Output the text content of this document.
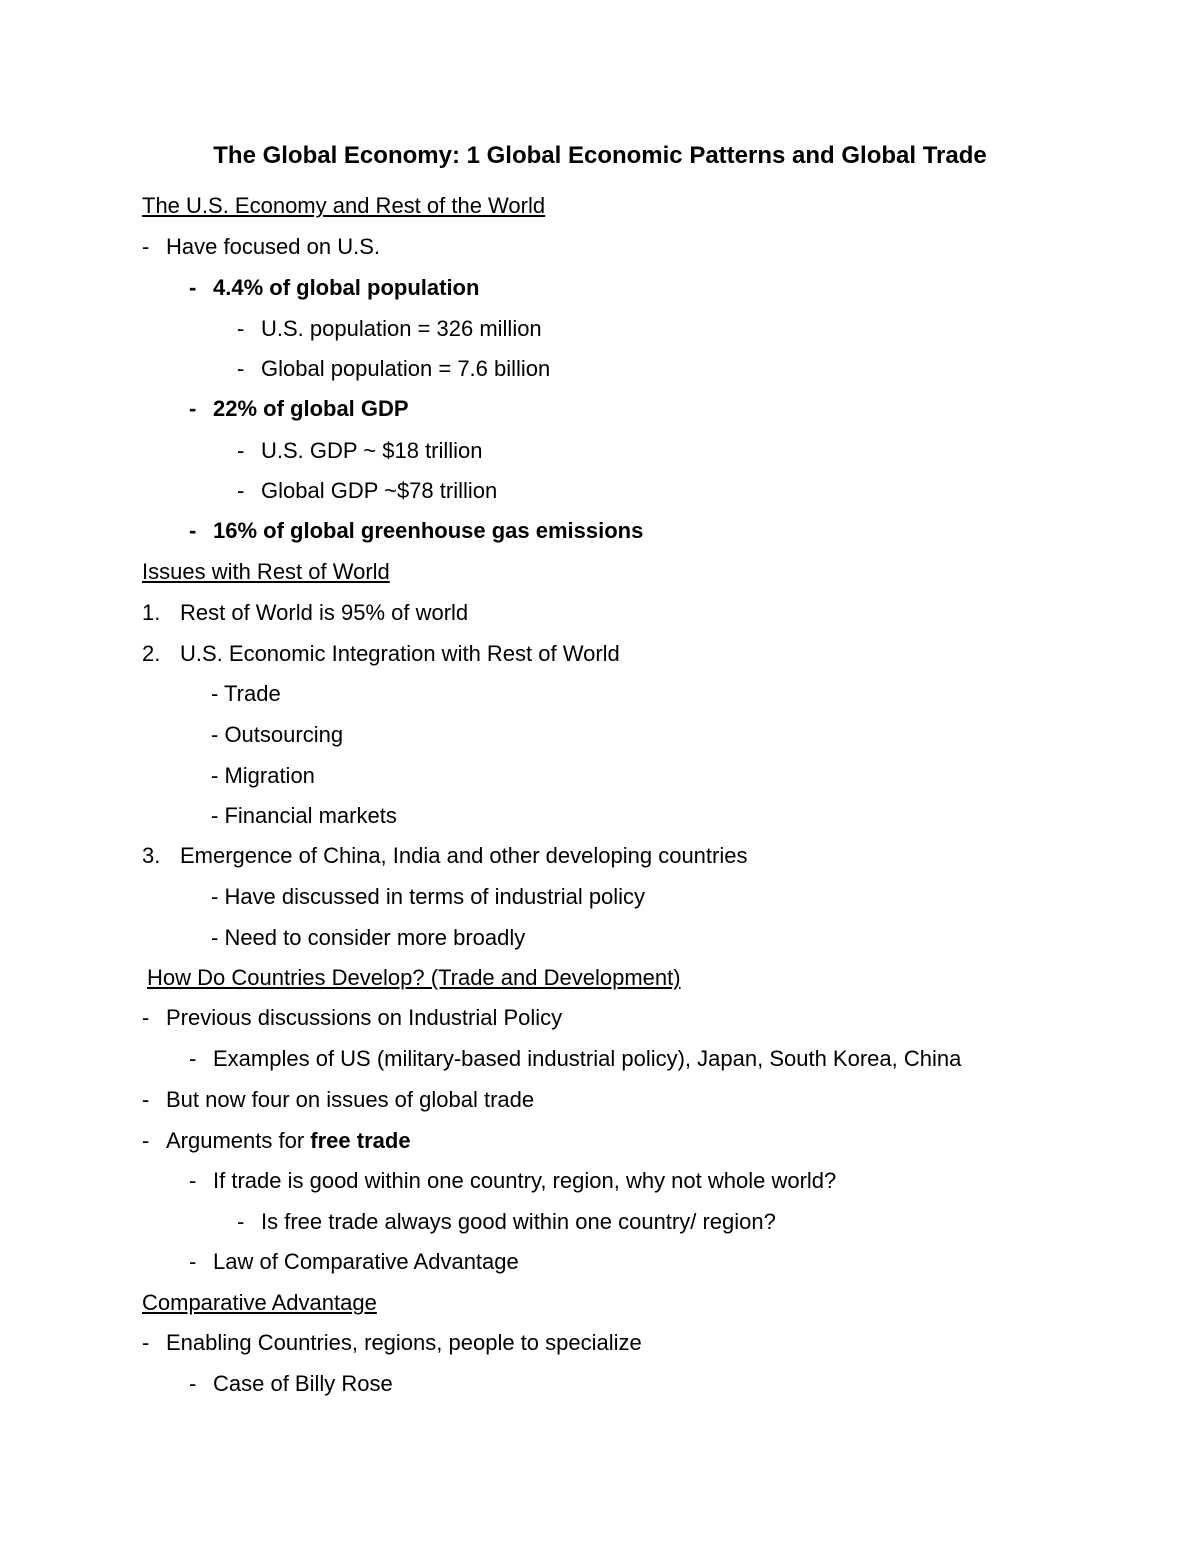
The Global Economy: 1 Global Economic Patterns and Global Trade
The U.S. Economy and Rest of the World
- Have focused on U.S.
- 4.4% of global population
- U.S. population = 326 million
- Global population = 7.6 billion
- 22% of global GDP
- U.S. GDP ~ $18 trillion
- Global GDP ~$78 trillion
- 16% of global greenhouse gas emissions
Issues with Rest of World
1. Rest of World is 95% of world
2. U.S. Economic Integration with Rest of World
- Trade
- Outsourcing
- Migration
- Financial markets
3. Emergence of China, India and other developing countries
- Have discussed in terms of industrial policy
- Need to consider more broadly
How Do Countries Develop? (Trade and Development)
- Previous discussions on Industrial Policy
- Examples of US (military-based industrial policy), Japan, South Korea, China
- But now four on issues of global trade
- Arguments for free trade
- If trade is good within one country, region, why not whole world?
- Is free trade always good within one country/ region?
- Law of Comparative Advantage
Comparative Advantage
- Enabling Countries, regions, people to specialize
- Case of Billy Rose
